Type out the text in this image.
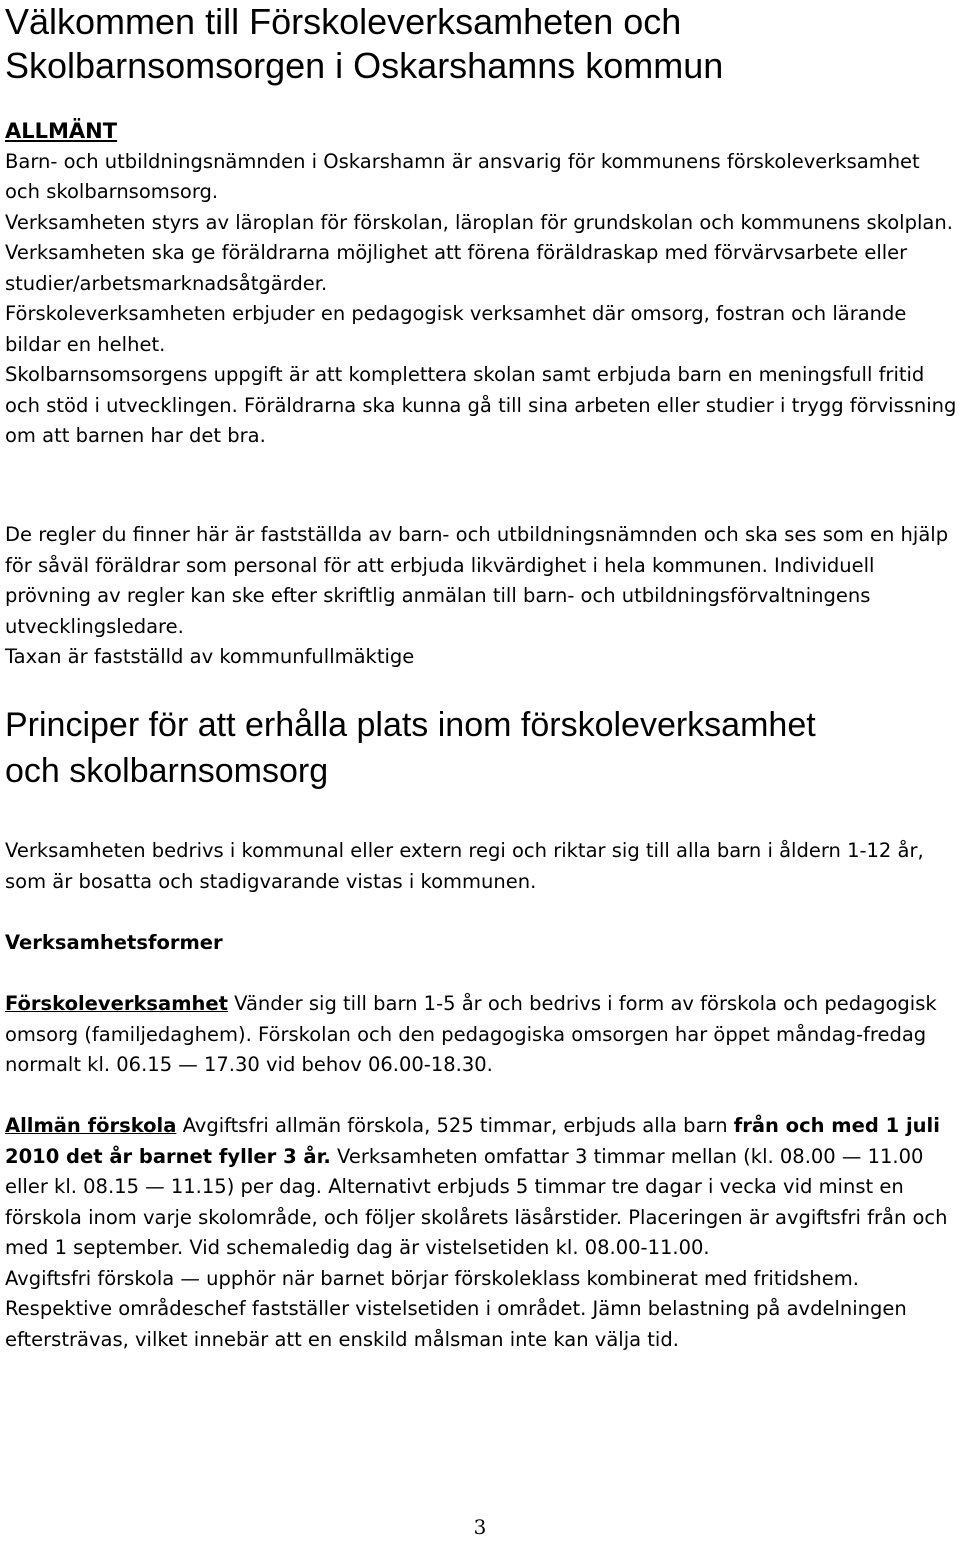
Välkommen till Förskoleverksamheten och
Skolbarnsomsorgen i Oskarshamns kommun
ALLMÄNT

Barn- och utbildningsnämnden i Oskarshamn är ansvarig för kommunens förskoleverksamhet och skolbarnsomsorg.

Verksamheten styrs av läroplan för förskolan, läroplan för grundskolan och kommunens skolplan.

Verksamheten ska ge föräldrarna möjlighet att förena föräldraskap med förvärvsarbete eller studier/arbetsmarknadsåtgärder.

Förskoleverksamheten erbjuder en pedagogisk verksamhet där omsorg, fostran och lärande bildar en helhet.

Skolbarnsomsorgens uppgift är att komplettera skolan samt erbjuda barn en meningsfull fritid och stöd i utvecklingen. Föräldrarna ska kunna gå till sina arbeten eller studier i trygg förvissning om att barnen har det bra.

De regler du finner här är fastställda av barn- och utbildningsnämnden och ska ses som en hjälp för såväl föräldrar som personal för att erbjuda likvärdighet i hela kommunen. Individuell prövning av regler kan ske efter skriftlig anmälan till barn- och utbildningsförvaltningens utvecklingsledare.

Taxan är fastställd av kommunfullmäktige

Principer för att erhålla plats inom förskoleverksamhet
och skolbarnsomsorg

Verksamheten bedrivs i kommunal eller extern regi och riktar sig till alla barn i åldern 1-12 år, som är bosatta och stadigvarande vistas i kommunen.

Verksamhetsformer

Förskoleverksamhet Vänder sig till barn 1-5 år och bedrivs i form av förskola och pedagogisk omsorg (familjedaghem). Förskolan och den pedagogiska omsorgen har öppet måndag-fredag normalt kl. 06.15 — 17.30 vid behov 06.00-18.30.

Allmän förskola Avgiftsfri allmän förskola, 525 timmar, erbjuds alla barn från och med 1 juli 2010 det år barnet fyller 3 år. Verksamheten omfattar 3 timmar mellan (kl. 08.00 — 11.00 eller kl. 08.15 — 11.15) per dag. Alternativt erbjuds 5 timmar tre dagar i vecka vid minst en förskola inom varje skolområde, och följer skolårets läsårstider. Placeringen är avgiftsfri från och med 1 september. Vid schemaledig dag är vistelsetiden kl. 08.00-11.00.

Avgiftsfri förskola — upphör när barnet börjar förskoleklass kombinerat med fritidshem.

Respektive områdeschef fastställer vistelsetiden i området. Jämn belastning på avdelningen eftersträvas, vilket innebär att en enskild målsman inte kan välja tid.

3
